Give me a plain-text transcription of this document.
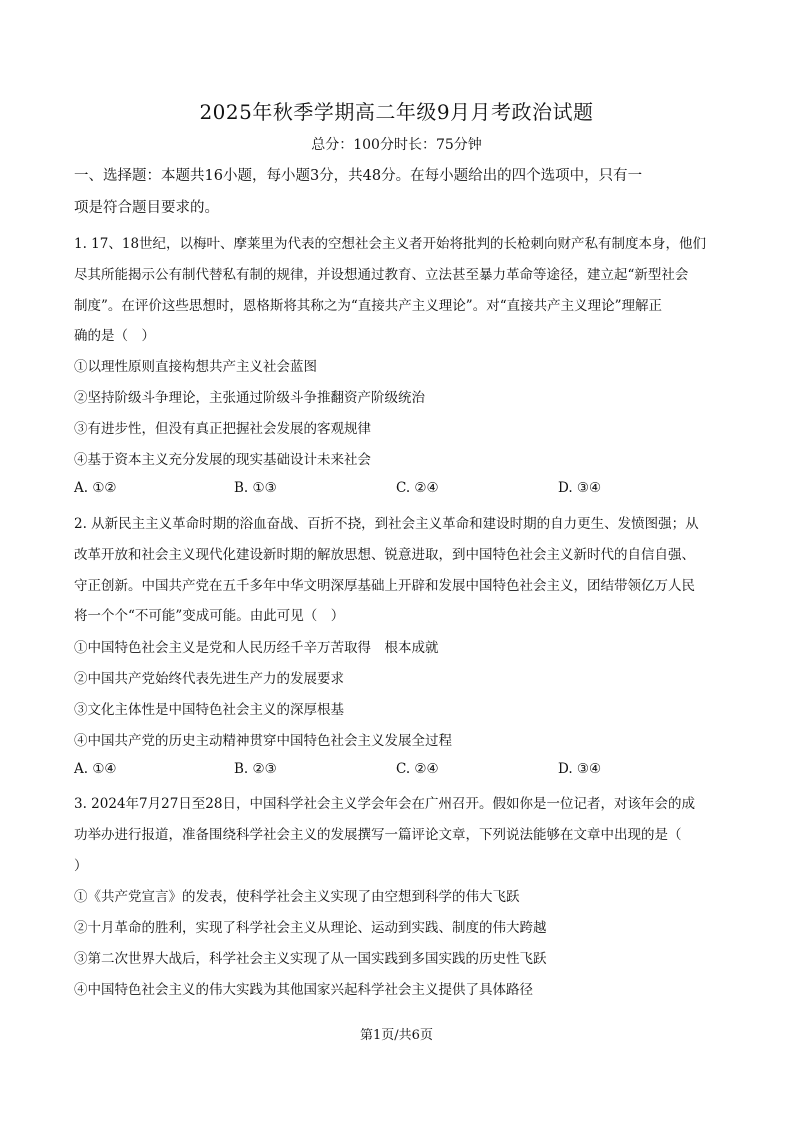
2025年秋季学期高二年级9月月考政治试题
总分：100分时长：75分钟
一、选择题：本题共16小题，每小题3分，共48分。在每小题给出的四个选项中，只有一
项是符合题目要求的。
1. 17、18世纪，以梅叶、摩莱里为代表的空想社会主义者开始将批判的长枪刺向财产私有制度本身，他们
尽其所能揭示公有制代替私有制的规律，并设想通过教育、立法甚至暴力革命等途径，建立起“新型社会
制度”。在评价这些思想时，恩格斯将其称之为“直接共产主义理论”。对“直接共产主义理论”理解正
确的是（　）
①以理性原则直接构想共产主义社会蓝图
②坚持阶级斗争理论，主张通过阶级斗争推翻资产阶级统治
③有进步性，但没有真正把握社会发展的客观规律
④基于资本主义充分发展的现实基础设计未来社会
A. ①②	B. ①③	C. ②④	D. ③④
2. 从新民主主义革命时期的浴血奋战、百折不挠，到社会主义革命和建设时期的自力更生、发愤图强；从
改革开放和社会主义现代化建设新时期的解放思想、锐意进取，到中国特色社会主义新时代的自信自强、
守正创新。中国共产党在五千多年中华文明深厚基础上开辟和发展中国特色社会主义，团结带领亿万人民
将一个个“不可能”变成可能。由此可见（　）
①中国特色社会主义是党和人民历经千辛万苦取得　根本成就
②中国共产党始终代表先进生产力的发展要求
③文化主体性是中国特色社会主义的深厚根基
④中国共产党的历史主动精神贯穿中国特色社会主义发展全过程
A. ①④	B. ②③	C. ②④	D. ③④
3. 2024年7月27日至28日，中国科学社会主义学会年会在广州召开。假如你是一位记者，对该年会的成
功举办进行报道，准备围绕科学社会主义的发展撰写一篇评论文章，下列说法能够在文章中出现的是（
）
①《共产党宣言》的发表，使科学社会主义实现了由空想到科学的伟大飞跃
②十月革命的胜利，实现了科学社会主义从理论、运动到实践、制度的伟大跨越
③第二次世界大战后，科学社会主义实现了从一国实践到多国实践的历史性飞跃
④中国特色社会主义的伟大实践为其他国家兴起科学社会主义提供了具体路径
第1页/共6页
